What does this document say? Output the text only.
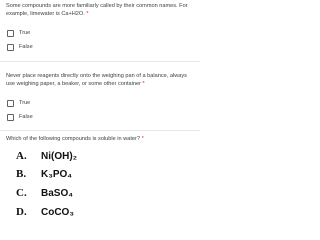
Some compounds are more familiarly called by their common names. For example, limewater is Ca+H2O. *
True
False
Never place reagents directly onto the weighing pan of a balance, always use weighing paper, a beaker, or some other container *
True
False
Which of the following compounds is soluble in water? *
A.	Ni(OH)₂
B.	K₃PO₄
C.	BaSO₄
D.	CoCO₃
